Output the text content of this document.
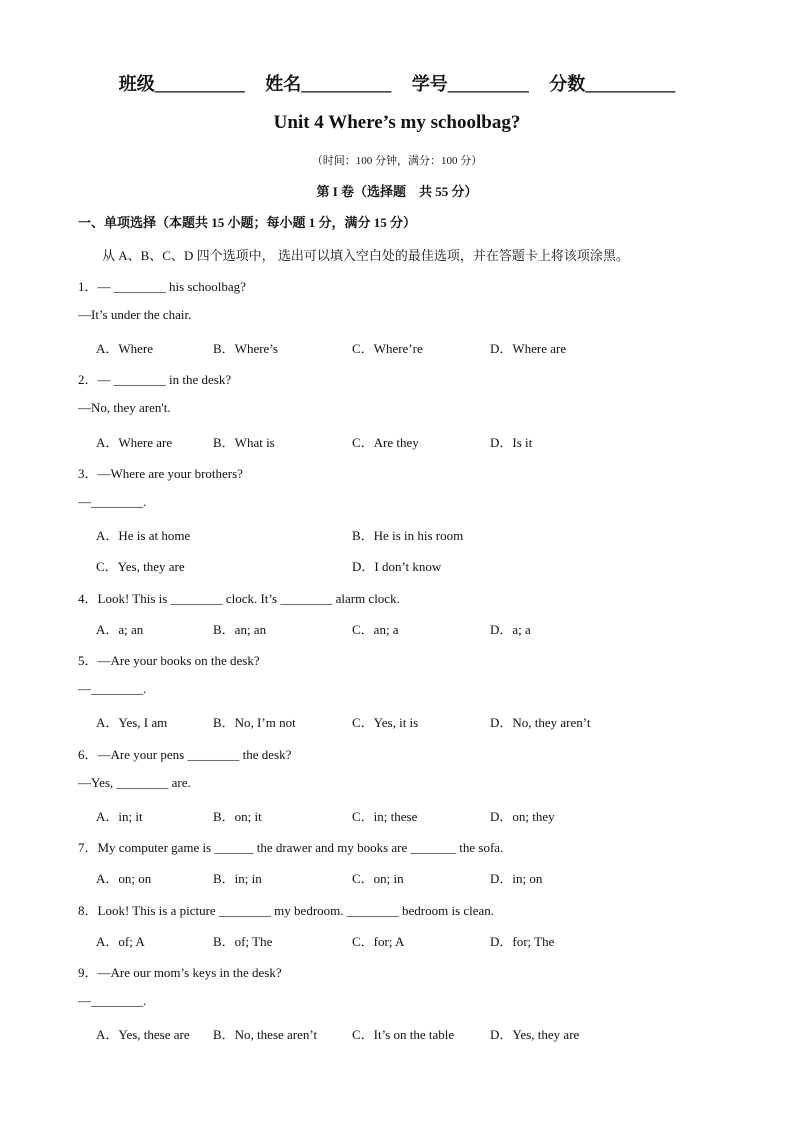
班级__________ 姓名__________ 学号_________ 分数__________
Unit 4 Where’s my schoolbag?
（时间：100 分钟，满分：100 分）
第 I 卷（选择题　共 55 分）
一、单项选择（本题共 15 小题；每小题 1 分，满分 15 分）
从 A、B、C、D 四个选项中， 选出可以填入空白处的最佳选项，并在答题卡上将该项涂黑。
1．— ________ his schoolbag?
—It’s under the chair.
A．Where	B．Where’s	C．Where’re	D．Where are
2．— ________ in the desk?
—No, they aren't.
A．Where are	B．What is	C．Are they	D．Is it
3．—Where are your brothers?
—________.
A．He is at home	B．He is in his room
C．Yes, they are	D．I don’t know
4．Look! This is ________ clock. It’s ________ alarm clock.
A．a; an	B．an; an	C．an; a	D．a; a
5．—Are your books on the desk?
—________.
A．Yes, I am	B．No, I’m not	C．Yes, it is	D．No, they aren’t
6．—Are your pens ________ the desk?
—Yes, ________ are.
A．in; it	B．on; it	C．in; these	D．on; they
7．My computer game is ______ the drawer and my books are _______ the sofa.
A．on; on	B．in; in	C．on; in	D．in; on
8．Look! This is a picture ________ my bedroom. ________ bedroom is clean.
A．of; A	B．of; The	C．for; A	D．for; The
9．—Are our mom’s keys in the desk?
—________.
A．Yes, these are B．No, these aren’t	C．It’s on the table	D．Yes, they are
